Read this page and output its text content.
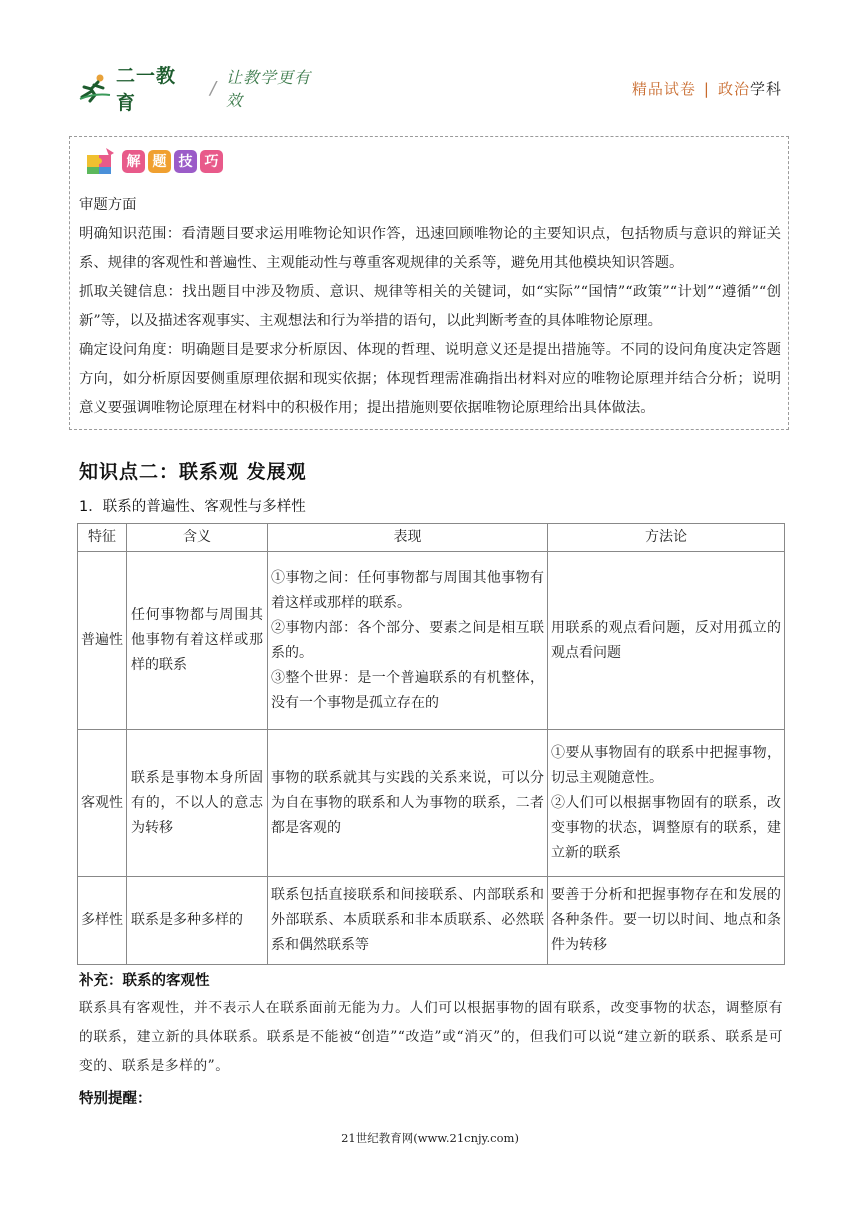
二一教育
/ 让教学更有效
精品试卷 | 政治学科
解 题 技 巧

审题方面

明确知识范围：看清题目要求运用唯物论知识作答，迅速回顾唯物论的主要知识点，包括物质与意识的辩证关系、规律的客观性和普遍性、主观能动性与尊重客观规律的关系等，避免用其他模块知识答题。

抓取关键信息：找出题目中涉及物质、意识、规律等相关的关键词，如“实际”“国情”“政策”“计划”“遵循”“创新”等，以及描述客观事实、主观想法和行为举措的语句，以此判断考查的具体唯物论原理。

确定设问角度：明确题目是要求分析原因、体现的哲理、说明意义还是提出措施等。不同的设问角度决定答题方向，如分析原因要侧重原理依据和现实依据；体现哲理需准确指出材料对应的唯物论原理并结合分析；说明意义要强调唯物论原理在材料中的积极作用；提出措施则要依据唯物论原理给出具体做法。

知识点二：联系观 发展观
1．联系的普遍性、客观性与多样性
特征	含义	表现	方法论
普遍性	任何事物都与周围其他事物有着这样或那样的联系	①事物之间：任何事物都与周围其他事物有着这样或那样的联系。
②事物内部：各个部分、要素之间是相互联系的。
③整个世界：是一个普遍联系的有机整体，没有一个事物是孤立存在的	用联系的观点看问题，反对用孤立的观点看问题

客观性	联系是事物本身所固有的，不以人的意志为转移	事物的联系就其与实践的关系来说，可以分为自在事物的联系和人为事物的联系，二者都是客观的	①要从事物固有的联系中把握事物，切忌主观随意性。
②人们可以根据事物固有的联系，改变事物的状态，调整原有的联系，建立新的联系

多样性	联系是多种多样的	联系包括直接联系和间接联系、内部联系和外部联系、本质联系和非本质联系、必然联系和偶然联系等	要善于分析和把握事物存在和发展的各种条件。要一切以时间、地点和条件为转移
补充：联系的客观性
联系具有客观性，并不表示人在联系面前无能为力。人们可以根据事物的固有联系，改变事物的状态，调整原有的联系，建立新的具体联系。联系是不能被“创造”“改造”或“消灭”的，但我们可以说“建立新的联系、联系是可变的、联系是多样的”。
特别提醒：
21世纪教育网(www.21cnjy.com)
